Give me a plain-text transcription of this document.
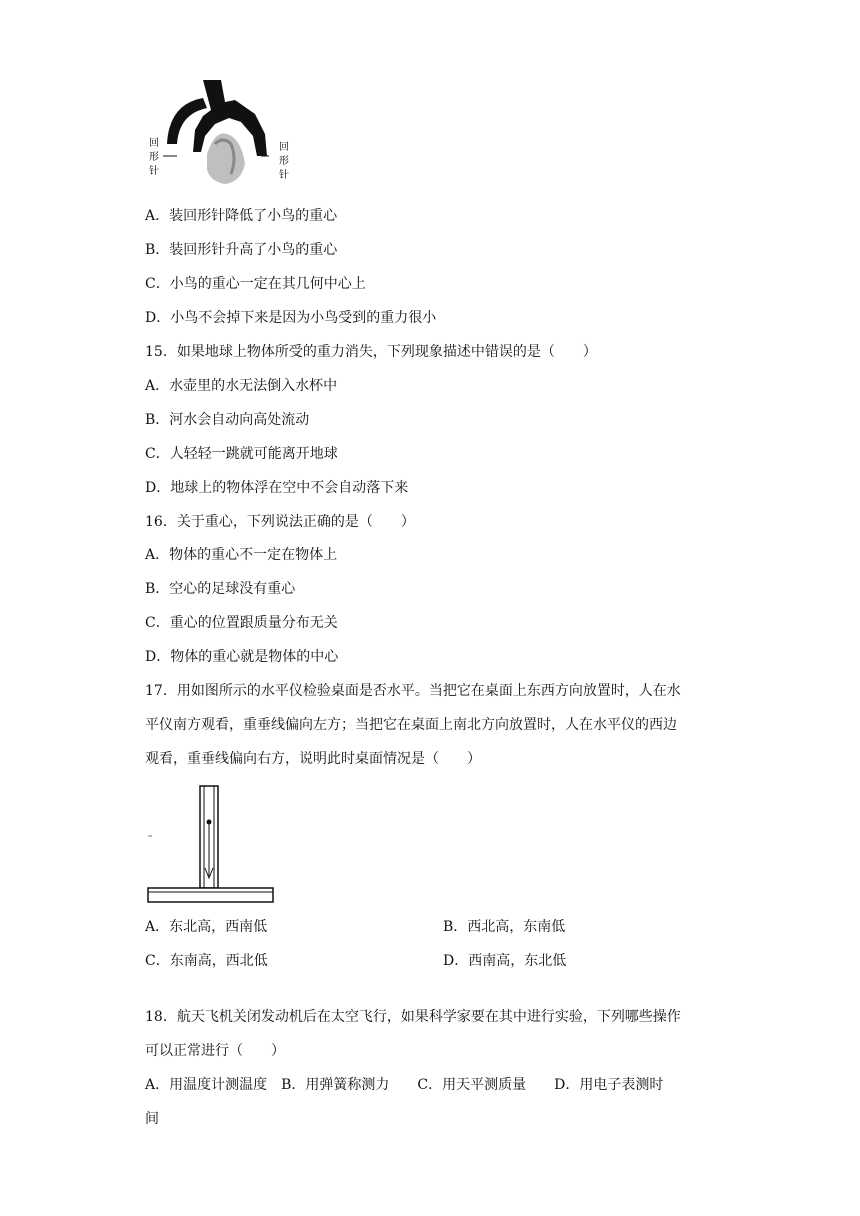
回
形
针
回
形
针
A．装回形针降低了小鸟的重心
B．装回形针升高了小鸟的重心
C．小鸟的重心一定在其几何中心上
D．小鸟不会掉下来是因为小鸟受到的重力很小
15．如果地球上物体所受的重力消失，下列现象描述中错误的是（　　）
A．水壶里的水无法倒入水杯中
B．河水会自动向高处流动
C．人轻轻一跳就可能离开地球
D．地球上的物体浮在空中不会自动落下来
16．关于重心，下列说法正确的是（　　）
A．物体的重心不一定在物体上
B．空心的足球没有重心
C．重心的位置跟质量分布无关
D．物体的重心就是物体的中心
17．用如图所示的水平仪检验桌面是否水平。当把它在桌面上东西方向放置时，人在水
平仪南方观看，重垂线偏向左方；当把它在桌面上南北方向放置时，人在水平仪的西边
观看，重垂线偏向右方，说明此时桌面情况是（　　）
A．东北高，西南低	B．西北高，东南低
C．东南高，西北低	D．西南高，东北低
18．航天飞机关闭发动机后在太空飞行，如果科学家要在其中进行实验，下列哪些操作
可以正常进行（　　）
A．用温度计测温度　B．用弹簧称测力　　C．用天平测质量　　D．用电子表测时
间
